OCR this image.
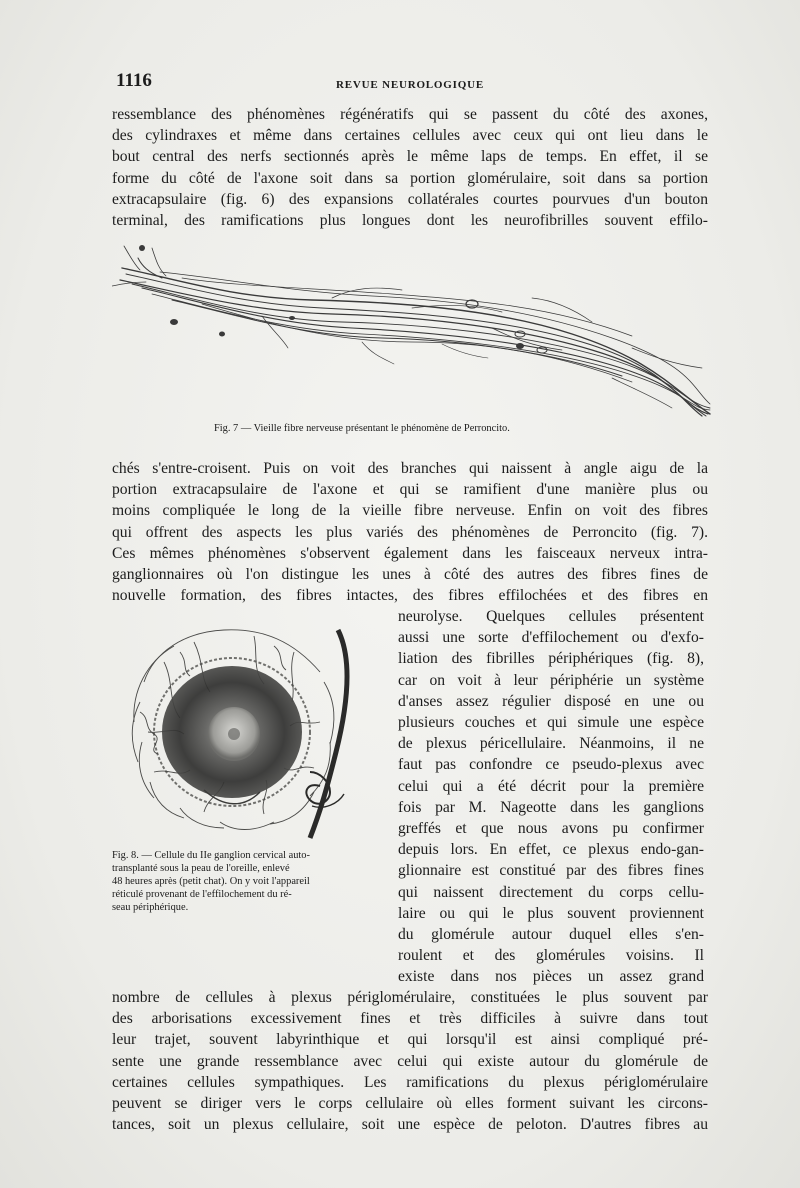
1116	REVUE NEUROLOGIQUE
ressemblance des phénomènes régénératifs qui se passent du côté des axones,
des cylindraxes et même dans certaines cellules avec ceux qui ont lieu dans le
bout central des nerfs sectionnés après le même laps de temps. En effet, il se
forme du côté de l'axone soit dans sa portion glomérulaire, soit dans sa portion
extracapsulaire (fig. 6) des expansions collatérales courtes pourvues d'un bouton
terminal, des ramifications plus longues dont les neurofibrilles souvent effilo-

Fig. 7 — Vieille fibre nerveuse présentant le phénomène de Perroncito.

chés s'entre-croisent. Puis on voit des branches qui naissent à angle aigu de la
portion extracapsulaire de l'axone et qui se ramifient d'une manière plus ou
moins compliquée le long de la vieille fibre nerveuse. Enfin on voit des fibres
qui offrent des aspects les plus variés des phénomènes de Perroncito (fig. 7).
Ces mêmes phénomènes s'observent également dans les faisceaux nerveux intra-
ganglionnaires où l'on distingue les unes à côté des autres des fibres fines de
nouvelle formation, des fibres intactes, des fibres effilochées et des fibres en
neurolyse. Quelques cellules présentent
aussi une sorte d'effilochement ou d'exfo-
liation des fibrilles périphériques (fig. 8),
car on voit à leur périphérie un système
d'anses assez régulier disposé en une ou
plusieurs couches et qui simule une espèce
de plexus péricellulaire. Néanmoins, il ne
faut pas confondre ce pseudo-plexus avec
celui qui a été décrit pour la première
fois par M. Nageotte dans les ganglions
greffés et que nous avons pu confirmer
depuis lors. En effet, ce plexus endo-gan-
glionnaire est constitué par des fibres fines
qui naissent directement du corps cellu-
laire ou qui le plus souvent proviennent
du glomérule autour duquel elles s'en-
roulent et des glomérules voisins. Il
existe dans nos pièces un assez grand
Fig. 8. — Cellule du IIe ganglion cervical auto-
transplanté sous la peau de l'oreille, enlevé
48 heures après (petit chat). On y voit l'appareil
réticulé provenant de l'effilochement du ré-
seau périphérique.
nombre de cellules à plexus périglomérulaire, constituées le plus souvent par
des arborisations excessivement fines et très difficiles à suivre dans tout
leur trajet, souvent labyrinthique et qui lorsqu'il est ainsi compliqué pré-
sente une grande ressemblance avec celui qui existe autour du glomérule de
certaines cellules sympathiques. Les ramifications du plexus périglomérulaire
peuvent se diriger vers le corps cellulaire où elles forment suivant les circons-
tances, soit un plexus cellulaire, soit une espèce de peloton. D'autres fibres au
